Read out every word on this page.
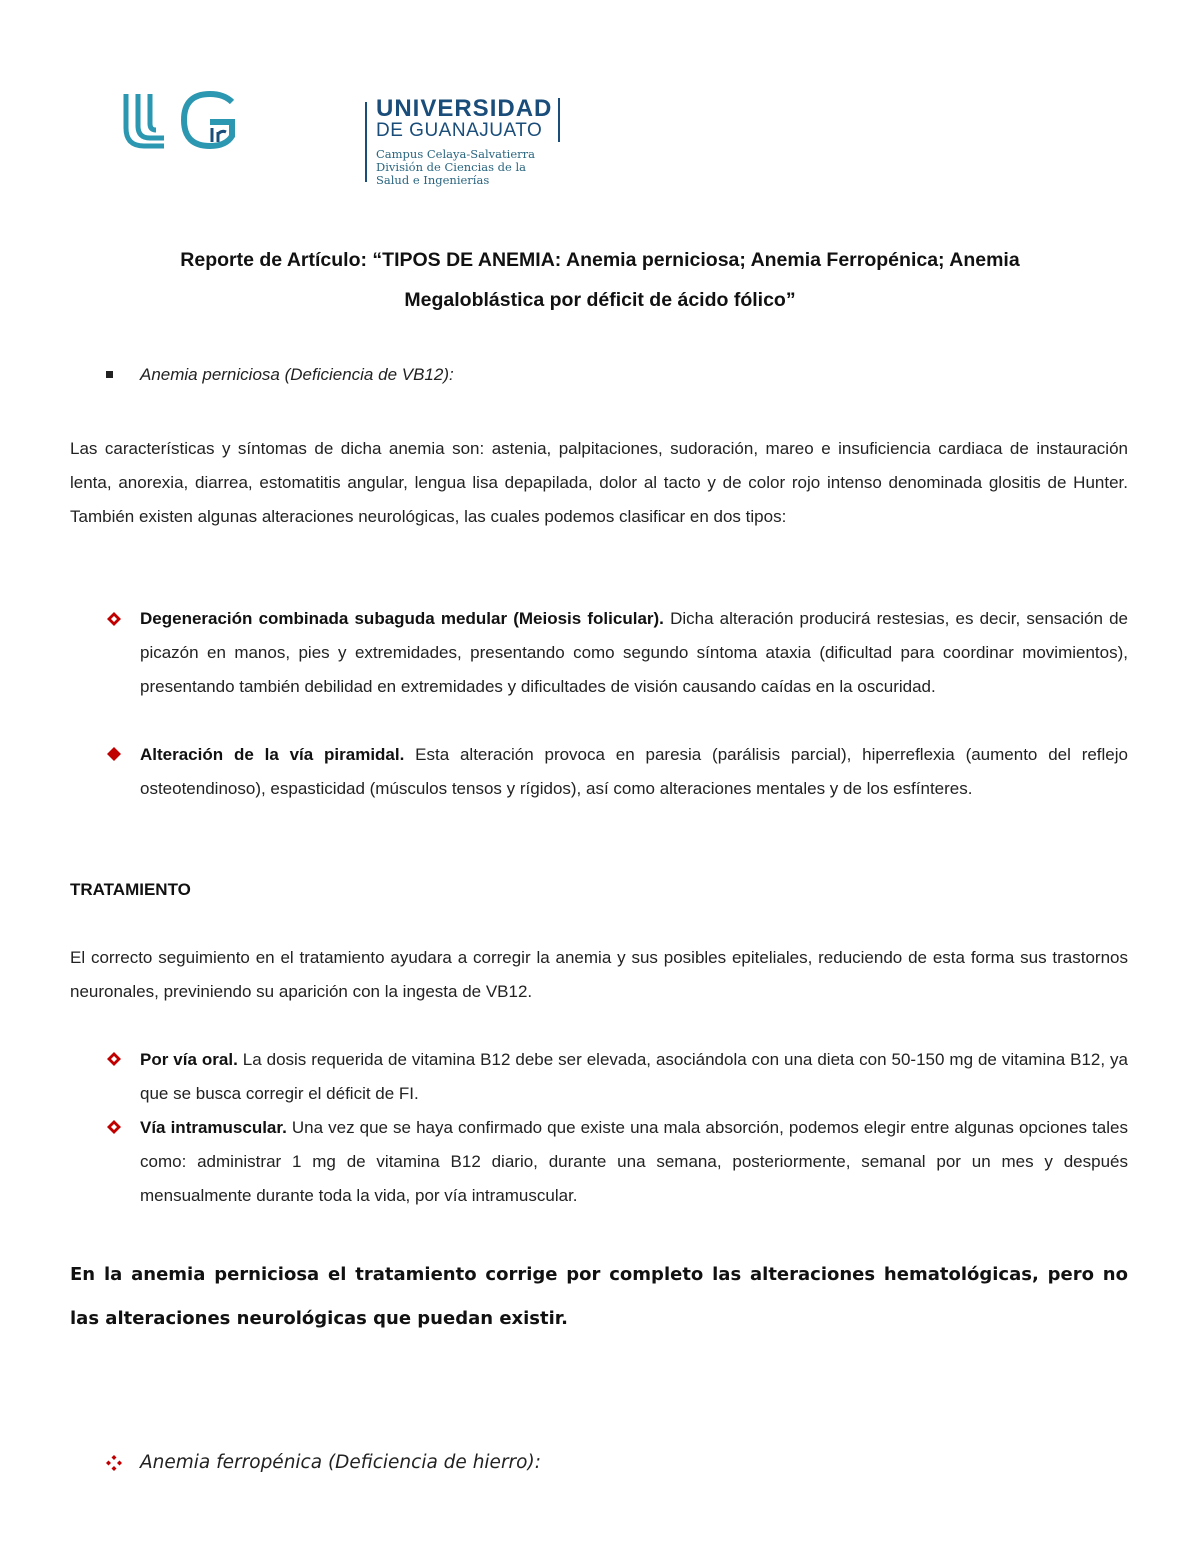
UNIVERSIDAD
DE GUANAJUATO
Campus Celaya-Salvatierra
División de Ciencias de la Salud e Ingenierías
Reporte de Artículo: “TIPOS DE ANEMIA: Anemia perniciosa; Anemia Ferropénica; Anemia
Megaloblástica por déficit de ácido fólico”
Anemia perniciosa (Deficiencia de VB12):
Las características y síntomas de dicha anemia son: astenia, palpitaciones, sudoración, mareo e insuficiencia cardiaca de instauración lenta, anorexia, diarrea, estomatitis angular, lengua lisa depapilada, dolor al tacto y de color rojo intenso denominada glositis de Hunter. También existen algunas alteraciones neurológicas, las cuales podemos clasificar en dos tipos:
Degeneración combinada subaguda medular (Meiosis folicular). Dicha alteración producirá restesias, es decir, sensación de picazón en manos, pies y extremidades, presentando como segundo síntoma ataxia (dificultad para coordinar movimientos), presentando también debilidad en extremidades y dificultades de visión causando caídas en la oscuridad.
Alteración de la vía piramidal. Esta alteración provoca en paresia (parálisis parcial), hiperreflexia (aumento del reflejo osteotendinoso), espasticidad (músculos tensos y rígidos), así como alteraciones mentales y de los esfínteres.
TRATAMIENTO
El correcto seguimiento en el tratamiento ayudara a corregir la anemia y sus posibles epiteliales, reduciendo de esta forma sus trastornos neuronales, previniendo su aparición con la ingesta de VB12.
Por vía oral. La dosis requerida de vitamina B12 debe ser elevada, asociándola con una dieta con 50-150 mg de vitamina B12, ya que se busca corregir el déficit de FI.
Vía intramuscular. Una vez que se haya confirmado que existe una mala absorción, podemos elegir entre algunas opciones tales como: administrar 1 mg de vitamina B12 diario, durante una semana, posteriormente, semanal por un mes y después mensualmente durante toda la vida, por vía intramuscular.
En la anemia perniciosa el tratamiento corrige por completo las alteraciones hematológicas, pero no las alteraciones neurológicas que puedan existir.
Anemia ferropénica (Deficiencia de hierro):
